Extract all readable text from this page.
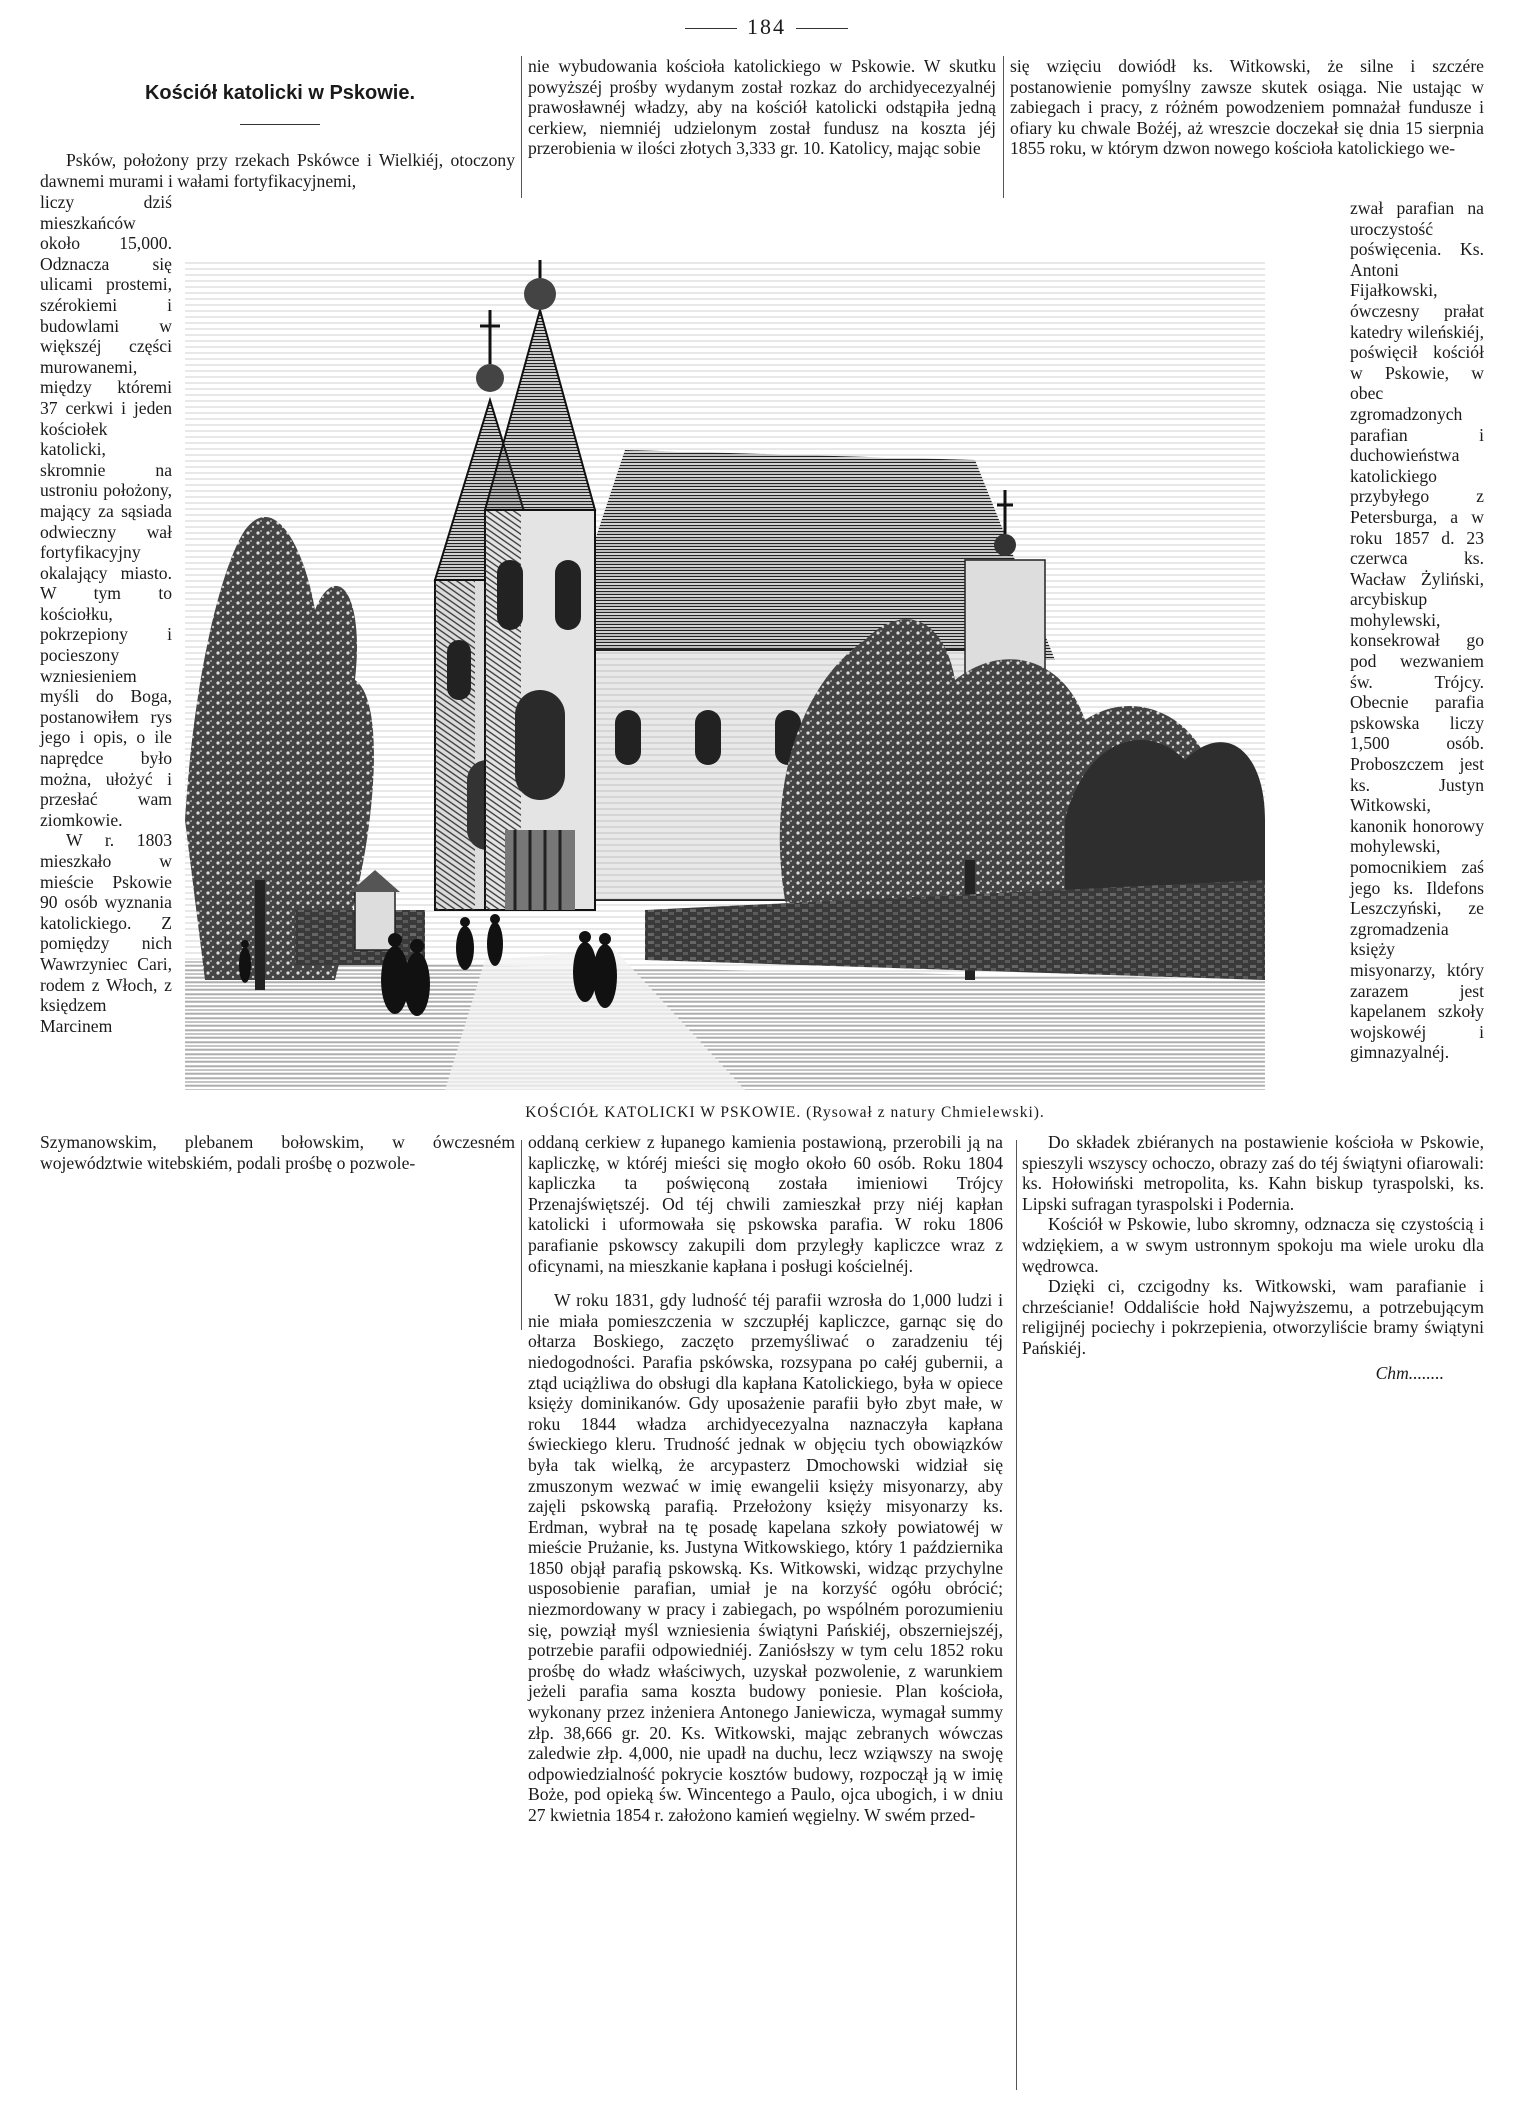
184
Kościół katolicki w Pskowie.

Psków, położony przy rzekach Pskówce i Wielkiéj, otoczony dawnemi murami i wałami fortyfikacyjnemi,

liczy dziś mieszkańców około 15,000. Odznacza się ulicami prostemi, szérokiemi i budowlami w większéj części murowanemi, między któremi 37 cerkwi i jeden kościołek katolicki, skromnie na ustroniu położony, mający za sąsiada odwieczny wał fortyfikacyjny okalający miasto. W tym to kościołku, pokrzepiony i pocieszony wzniesieniem myśli do Boga, postanowiłem rys jego i opis, o ile naprędce było można, ułożyć i przesłać wam ziomkowie.

W r. 1803 mieszkało w mieście Pskowie 90 osób wyznania katolickiego. Z pomiędzy nich Wawrzyniec Cari, rodem z Włoch, z księdzem Marcinem

Szymanowskim, plebanem bołowskim, w ówczesném województwie witebskiém, podali prośbę o pozwole-

nie wybudowania kościoła katolickiego w Pskowie. W skutku powyższéj prośby wydanym został rozkaz do archidyecezyalnéj prawosławnéj władzy, aby na kościół katolicki odstąpiła jedną cerkiew, niemniéj udzielonym został fundusz na koszta jéj przerobienia w ilości złotych 3,333 gr. 10. Katolicy, mając sobie

się wzięciu dowiódł ks. Witkowski, że silne i szczére postanowienie pomyślny zawsze skutek osiąga. Nie ustając w zabiegach i pracy, z różném powodzeniem pomnażał fundusze i ofiary ku chwale Bożéj, aż wreszcie doczekał się dnia 15 sierpnia 1855 roku, w którym dzwon nowego kościoła katolickiego we-

zwał parafian na uroczystość poświęcenia. Ks. Antoni Fijałkowski, ówczesny prałat katedry wileńskiéj, poświęcił kościół w Pskowie, w obec zgromadzonych parafian i duchowieństwa katolickiego przybyłego z Petersburga, a w roku 1857 d. 23 czerwca ks. Wacław Żyliński, arcybiskup mohylewski, konsekrował go pod wezwaniem św. Trójcy. Obecnie parafia pskowska liczy 1,500 osób. Proboszczem jest ks. Justyn Witkowski, kanonik honorowy mohylewski, pomocnikiem zaś jego ks. Ildefons Leszczyński, ze zgromadzenia księży misyonarzy, który zarazem jest kapelanem szkoły wojskowéj i gimnazyalnéj.

KOŚCIÓŁ KATOLICKI W PSKOWIE. (Rysował z natury Chmielewski).

oddaną cerkiew z łupanego kamienia postawioną, przerobili ją na kapliczkę, w któréj mieści się mogło około 60 osób. Roku 1804 kapliczka ta poświęconą została imieniowi Trójcy Przenajświętszéj. Od téj chwili zamieszkał przy niéj kapłan katolicki i uformowała się pskowska parafia. W roku 1806 parafianie pskowscy zakupili dom przyległy kapliczce wraz z oficynami, na mieszkanie kapłana i posługi kościelnéj.

W roku 1831, gdy ludność téj parafii wzrosła do 1,000 ludzi i nie miała pomieszczenia w szczupłéj kapliczce, garnąc się do ołtarza Boskiego, zaczęto przemyśliwać o zaradzeniu téj niedogodności. Parafia pskówska, rozsypana po całéj gubernii, a ztąd uciążliwa do obsługi dla kapłana Katolickiego, była w opiece księży dominikanów. Gdy uposażenie parafii było zbyt małe, w roku 1844 władza archidyecezyalna naznaczyła kapłana świeckiego kleru. Trudność jednak w objęciu tych obowiązków była tak wielką, że arcypasterz Dmochowski widział się zmuszonym wezwać w imię ewangelii księży misyonarzy, aby zajęli pskowską parafią. Przełożony księży misyonarzy ks. Erdman, wybrał na tę posadę kapelana szkoły powiatowéj w mieście Prużanie, ks. Justyna Witkowskiego, który 1 października 1850 objął parafią pskowską. Ks. Witkowski, widząc przychylne usposobienie parafian, umiał je na korzyść ogółu obrócić; niezmordowany w pracy i zabiegach, po wspólném porozumieniu się, powziął myśl wzniesienia świątyni Pańskiéj, obszerniejszéj, potrzebie parafii odpowiedniéj. Zaniósłszy w tym celu 1852 roku prośbę do władz właściwych, uzyskał pozwolenie, z warunkiem jeżeli parafia sama koszta budowy poniesie. Plan kościoła, wykonany przez inżeniera Antonego Janiewicza, wymagał summy złp. 38,666 gr. 20. Ks. Witkowski, mając zebranych wówczas zaledwie złp. 4,000, nie upadł na duchu, lecz wziąwszy na swoję odpowiedzialność pokrycie kosztów budowy, rozpoczął ją w imię Boże, pod opieką św. Wincentego a Paulo, ojca ubogich, i w dniu 27 kwietnia 1854 r. założono kamień węgielny. W swém przed-

Do składek zbiéranych na postawienie kościoła w Pskowie, spieszyli wszyscy ochoczo, obrazy zaś do téj świątyni ofiarowali: ks. Hołowiński metropolita, ks. Kahn biskup tyraspolski, ks. Lipski sufragan tyraspolski i Podernia.

Kościół w Pskowie, lubo skromny, odznacza się czystością i wdziękiem, a w swym ustronnym spokoju ma wiele uroku dla wędrowca.

Dzięki ci, czcigodny ks. Witkowski, wam parafianie i chrześcianie! Oddaliście hołd Najwyższemu, a potrzebującym religijnéj pociechy i pokrzepienia, otworzyliście bramy świątyni Pańskiéj.

Chm........
